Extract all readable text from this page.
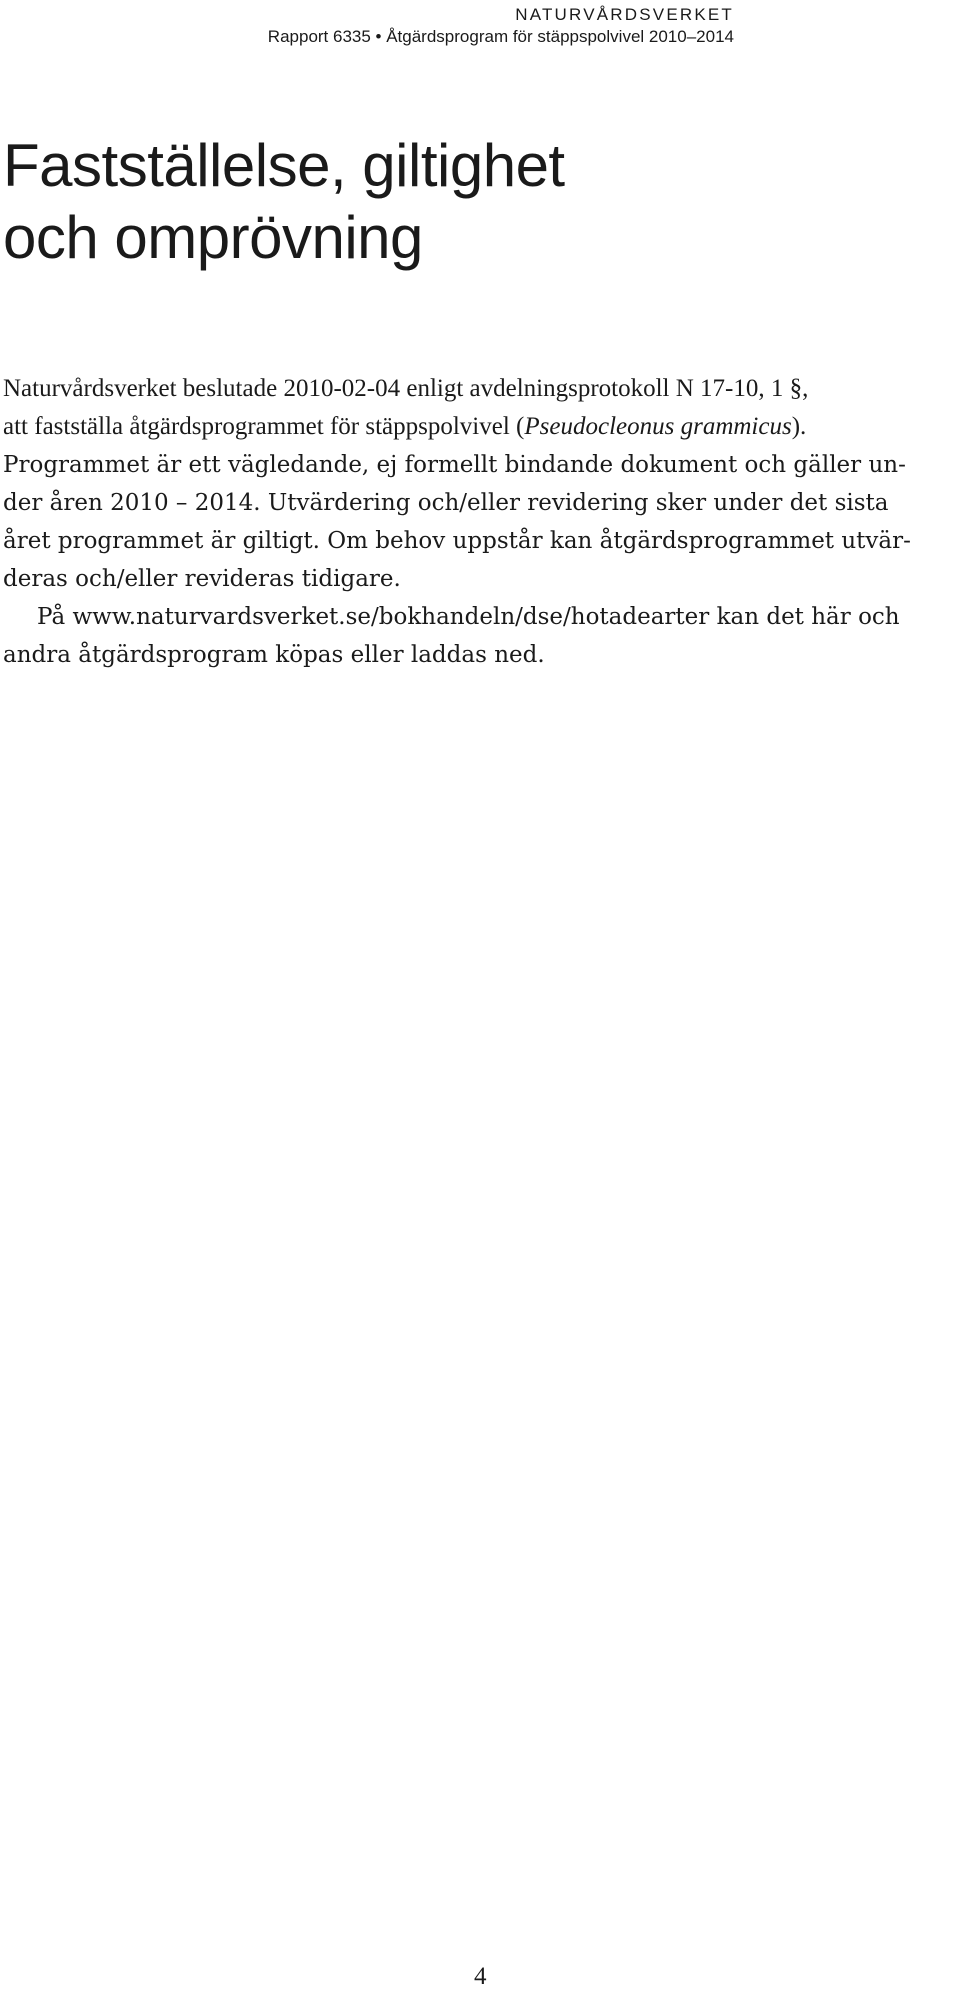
NATURVÅRDSVERKET
Rapport 6335 • Åtgärdsprogram för stäppspolvivel 2010–2014
Fastställelse, giltighet
och omprövning
Naturvårdsverket beslutade 2010-02-04 enligt avdelningsprotokoll N 17-10, 1 §,
att fastställa åtgärdsprogrammet för stäppspolvivel (Pseudocleonus grammicus).
Programmet är ett vägledande, ej formellt bindande dokument och gäller un-
der åren 2010 – 2014. Utvärdering och/eller revidering sker under det sista
året programmet är giltigt. Om behov uppstår kan åtgärdsprogrammet utvär-
deras och/eller revideras tidigare.
På www.naturvardsverket.se/bokhandeln/dse/hotadearter kan det här och
andra åtgärdsprogram köpas eller laddas ned.
4
